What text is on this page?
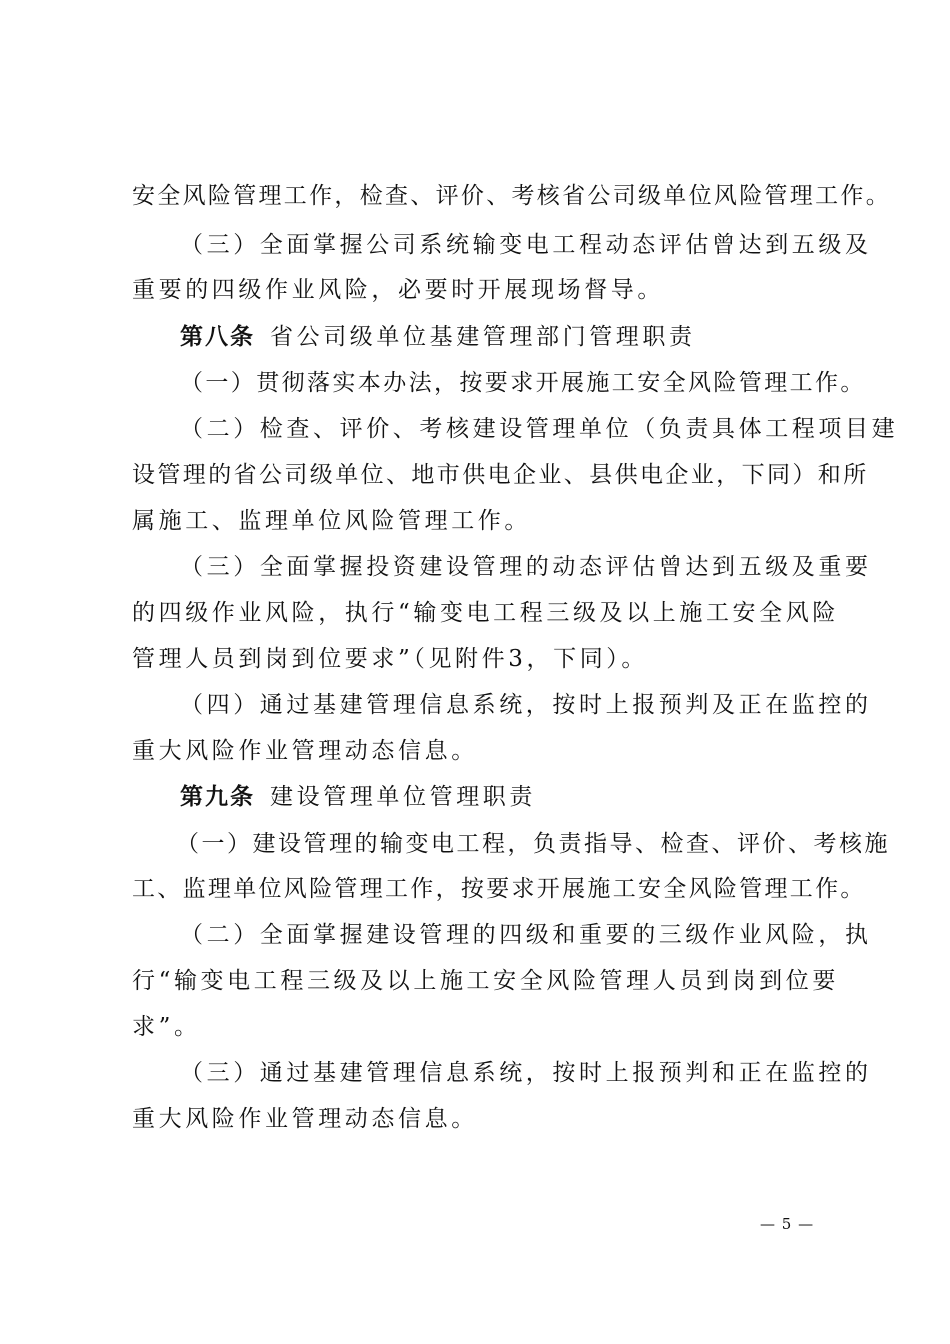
安全风险管理工作，检查、评价、考核省公司级单位风险管理工作。
（三）全面掌握公司系统输变电工程动态评估曾达到五级及
重要的四级作业风险，必要时开展现场督导。
第八条 省公司级单位基建管理部门管理职责
（一）贯彻落实本办法，按要求开展施工安全风险管理工作。
（二）检查、评价、考核建设管理单位（负责具体工程项目建
设管理的省公司级单位、地市供电企业、县供电企业，下同）和所
属施工、监理单位风险管理工作。
（三）全面掌握投资建设管理的动态评估曾达到五级及重要
的四级作业风险，执行“输变电工程三级及以上施工安全风险
管理人员到岗到位要求”（见附件3，下同）。
（四）通过基建管理信息系统，按时上报预判及正在监控的
重大风险作业管理动态信息。
第九条 建设管理单位管理职责
（一）建设管理的输变电工程，负责指导、检查、评价、考核施
工、监理单位风险管理工作，按要求开展施工安全风险管理工作。
（二）全面掌握建设管理的四级和重要的三级作业风险，执
行“输变电工程三级及以上施工安全风险管理人员到岗到位要
求”。
（三）通过基建管理信息系统，按时上报预判和正在监控的
重大风险作业管理动态信息。
— 5 —
